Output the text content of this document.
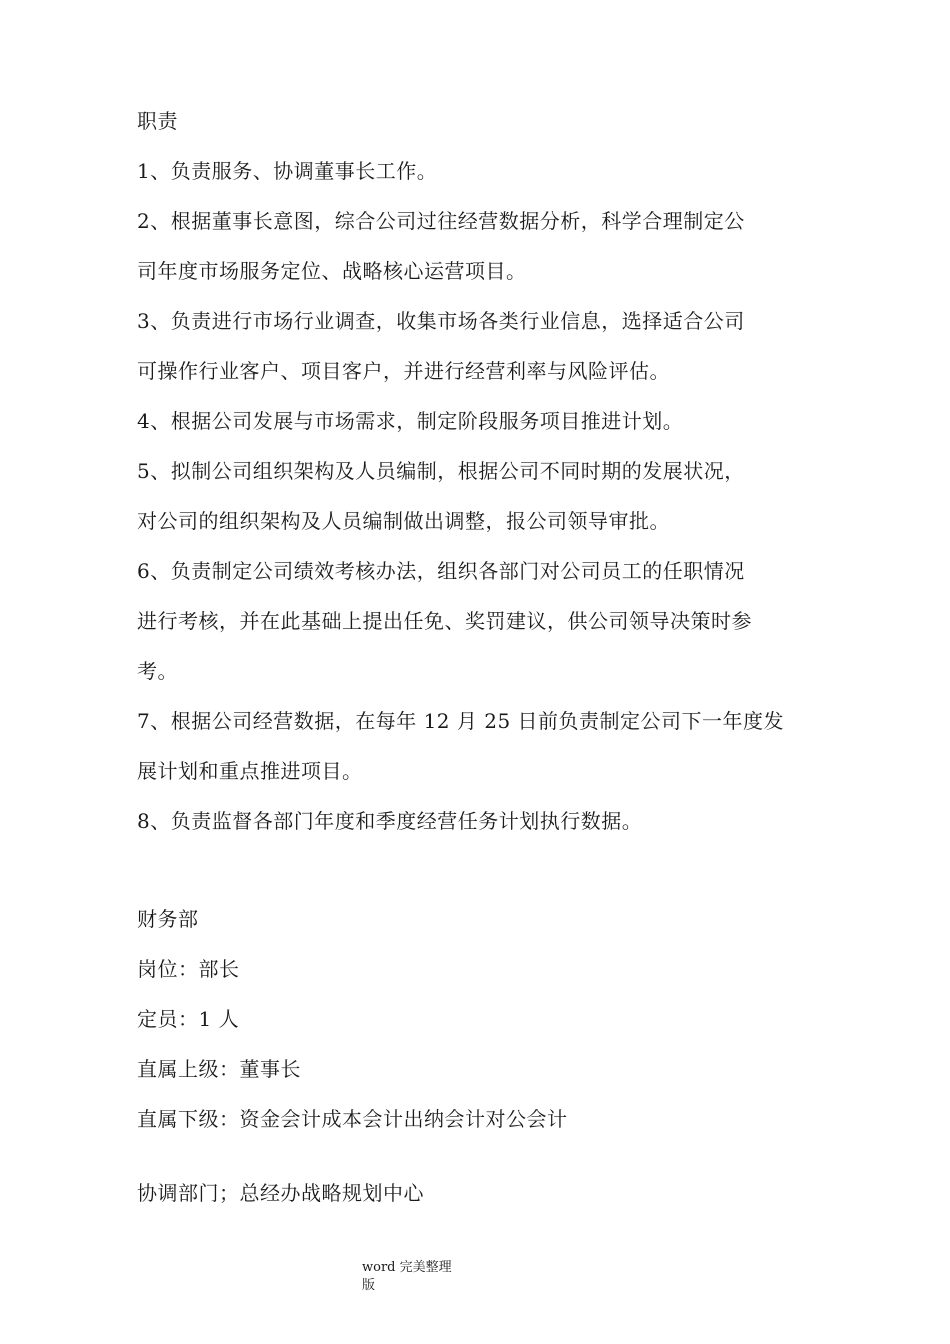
职责
1、负责服务、协调董事长工作。
2、根据董事长意图，综合公司过往经营数据分析，科学合理制定公
司年度市场服务定位、战略核心运营项目。
3、负责进行市场行业调查，收集市场各类行业信息，选择适合公司
可操作行业客户、项目客户，并进行经营利率与风险评估。
4、根据公司发展与市场需求，制定阶段服务项目推进计划。
5、拟制公司组织架构及人员编制，根据公司不同时期的发展状况，
对公司的组织架构及人员编制做出调整，报公司领导审批。
6、负责制定公司绩效考核办法，组织各部门对公司员工的任职情况
进行考核，并在此基础上提出任免、奖罚建议，供公司领导决策时参
考。
7、根据公司经营数据，在每年 12 月 25 日前负责制定公司下一年度发
展计划和重点推进项目。
8、负责监督各部门年度和季度经营任务计划执行数据。
财务部
岗位：部长
定员：1 人
直属上级：董事长
直属下级：资金会计成本会计出纳会计对公会计
协调部门；总经办战略规划中心
word 完美整理
版
